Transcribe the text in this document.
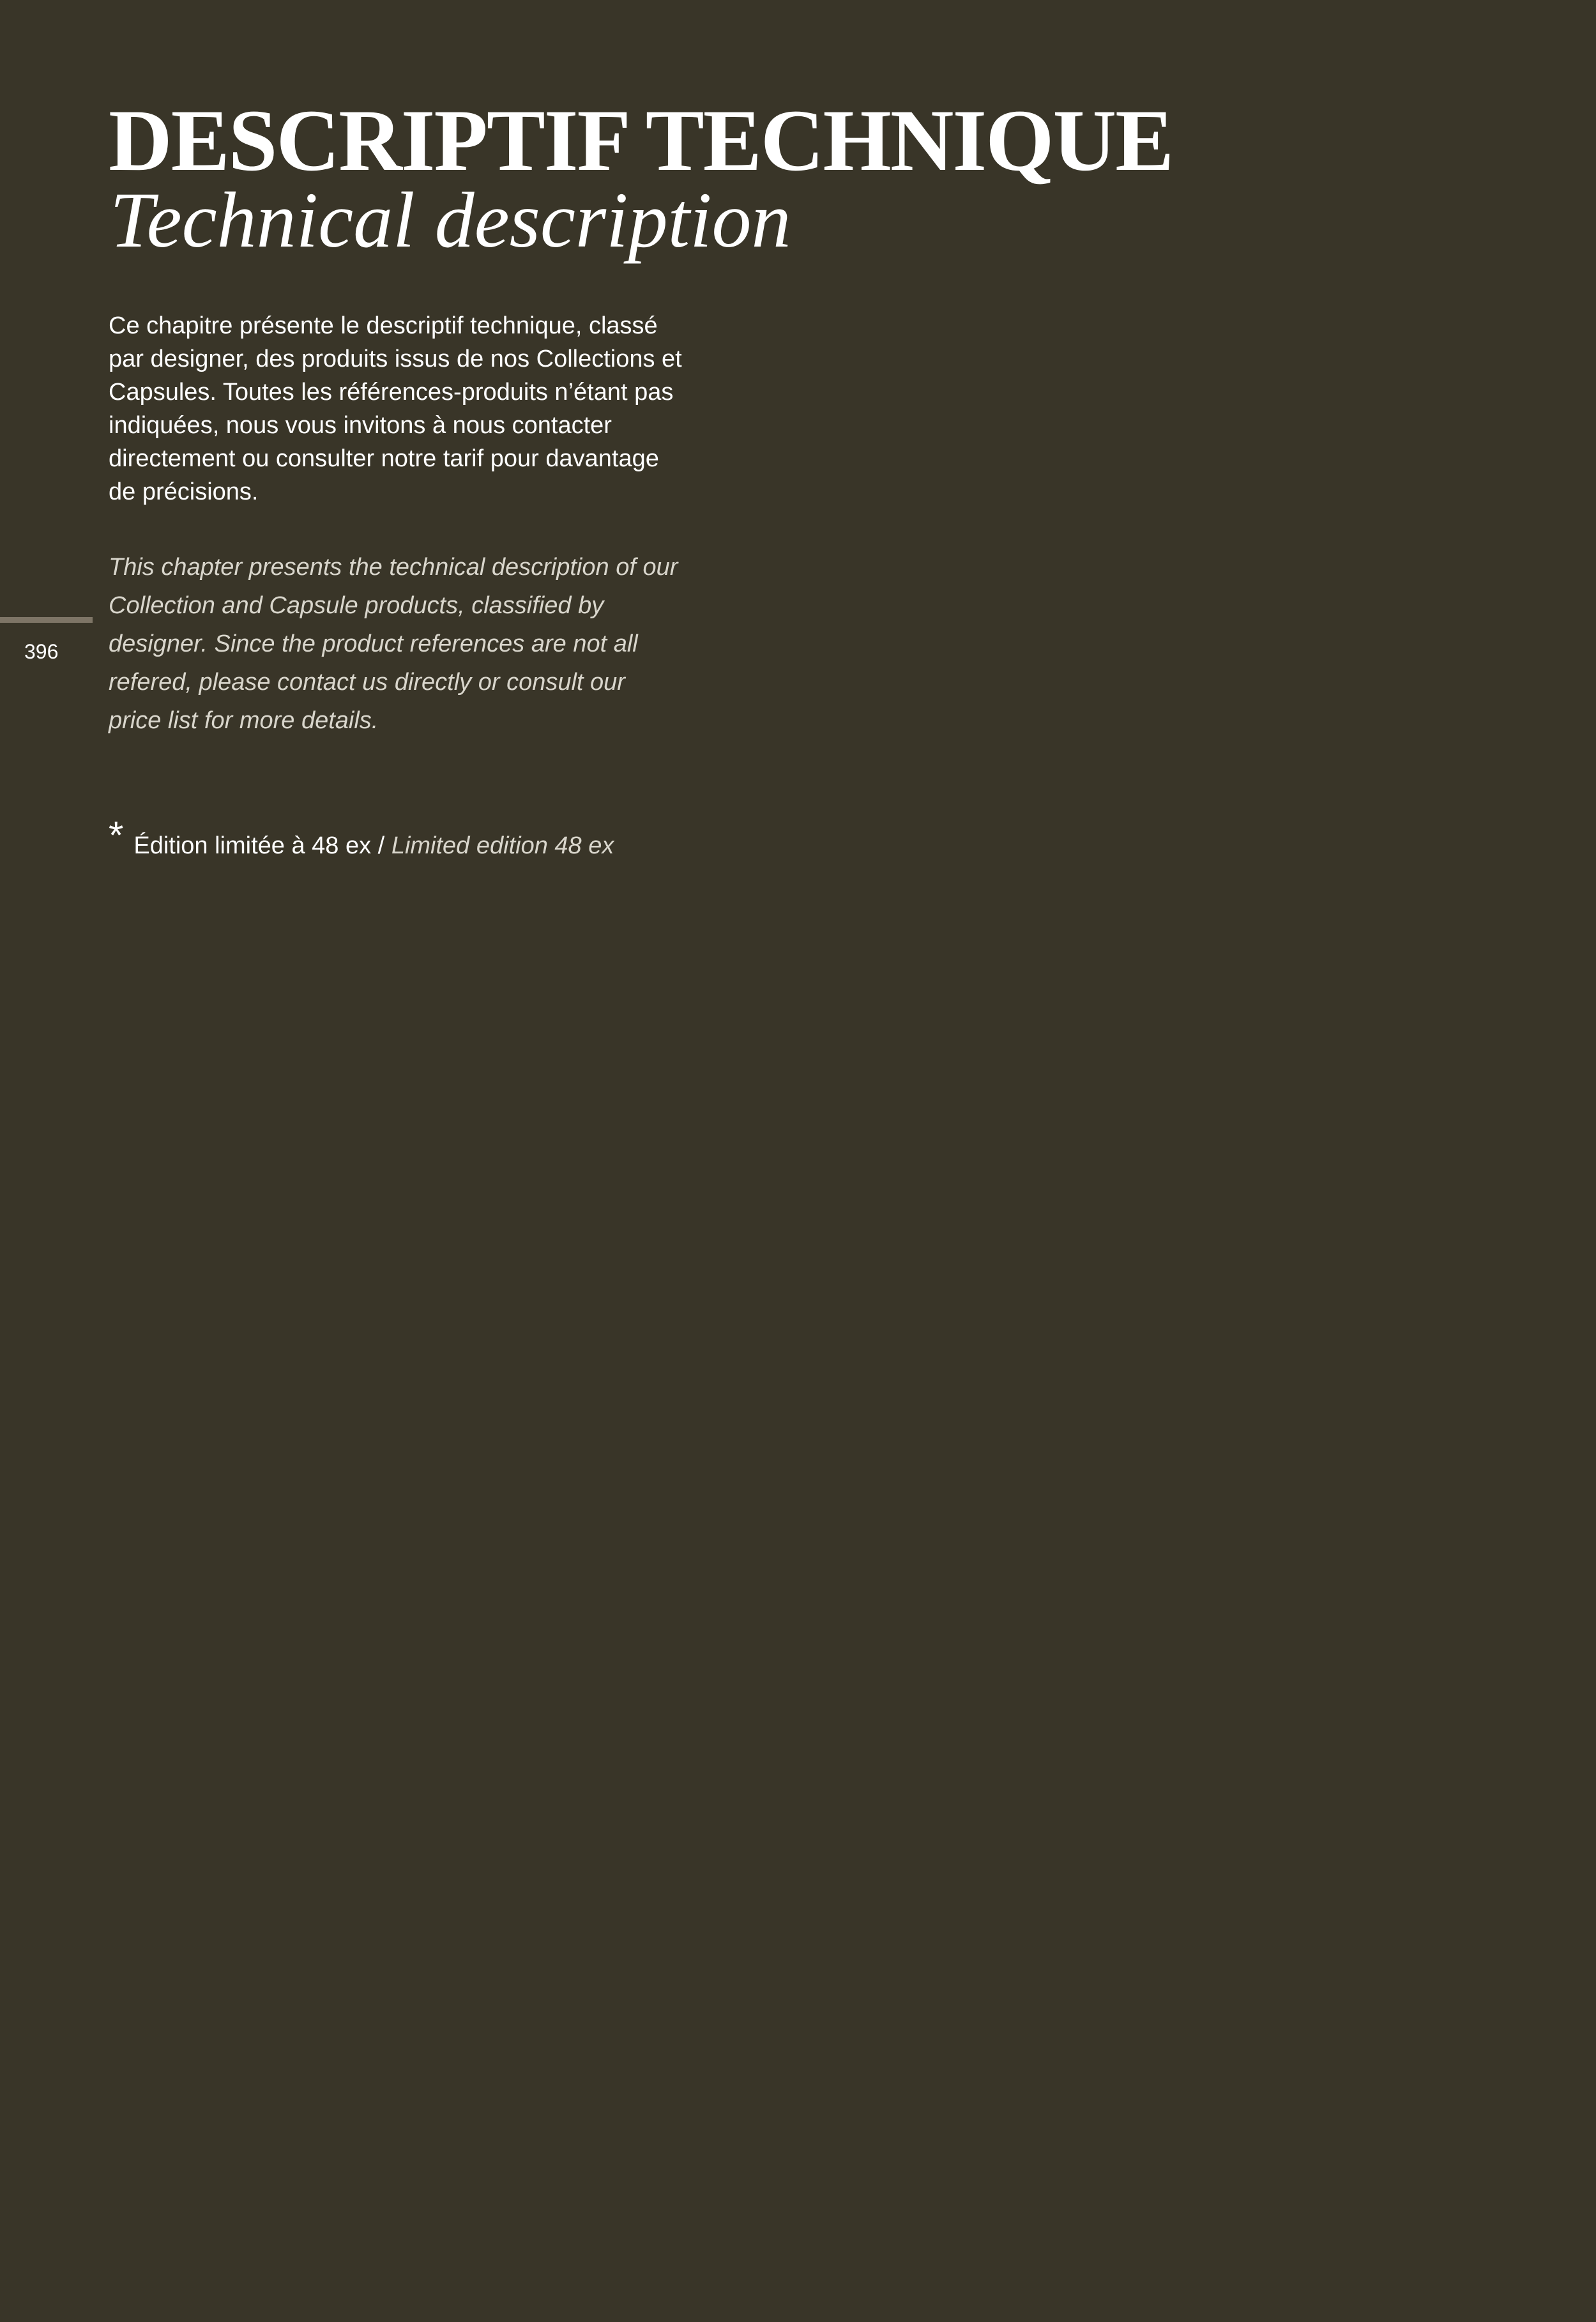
DESCRIPTIF TECHNIQUE
Technical description

Ce chapitre présente le descriptif technique, classé par designer, des produits issus de nos Collections et Capsules. Toutes les références-produits n’étant pas indiquées, nous vous invitons à nous contacter directement ou consulter notre tarif pour davantage de précisions.

This chapter presents the technical description of our Collection and Capsule products, classified by designer. Since the product references are not all refered, please contact us directly or consult our price list for more details.

396
* Édition limitée à 48 ex / Limited edition 48 ex
